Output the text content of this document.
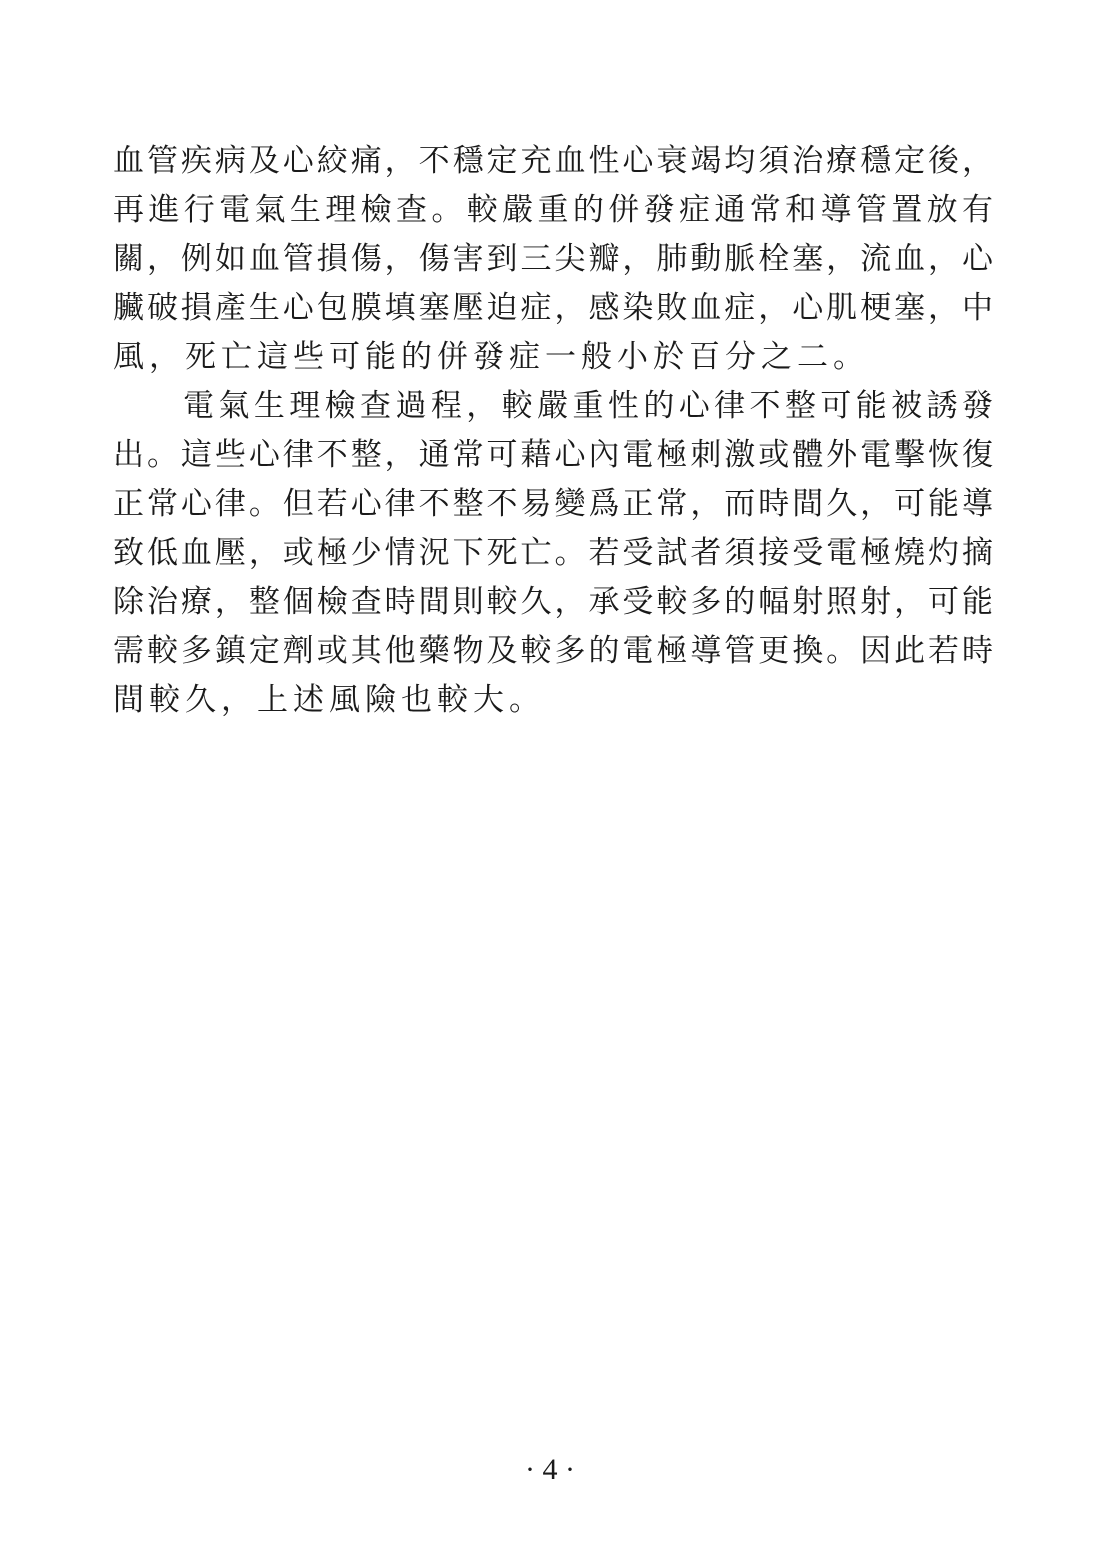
血管疾病及心絞痛，不穩定充血性心衰竭均須治療穩定後，
再進行電氣生理檢查。較嚴重的併發症通常和導管置放有
關，例如血管損傷，傷害到三尖瓣，肺動脈栓塞，流血，心
臟破損產生心包膜填塞壓迫症，感染敗血症，心肌梗塞，中
風，死亡這些可能的併發症一般小於百分之二。
電氣生理檢查過程，較嚴重性的心律不整可能被誘發
出。這些心律不整，通常可藉心內電極刺激或體外電擊恢復
正常心律。但若心律不整不易變爲正常，而時間久，可能導
致低血壓，或極少情況下死亡。若受試者須接受電極燒灼摘
除治療，整個檢查時間則較久，承受較多的幅射照射，可能
需較多鎮定劑或其他藥物及較多的電極導管更換。因此若時
間較久，上述風險也較大。
· 4 ·
